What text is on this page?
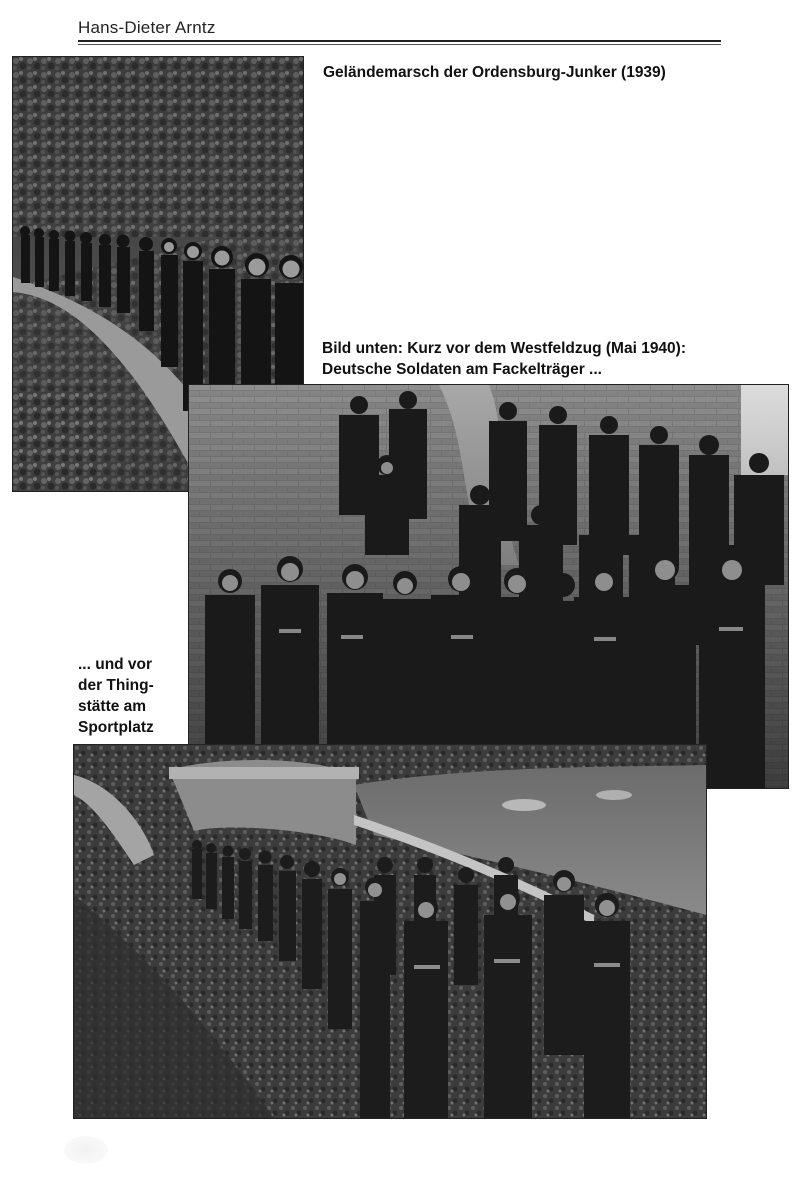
Hans-Dieter Arntz
Geländemarsch der Ordensburg-Junker (1939)
Bild unten: Kurz vor dem Westfeldzug (Mai 1940):
Deutsche Soldaten am Fackelträger ...
... und vor
der Thing-
stätte am
Sportplatz
